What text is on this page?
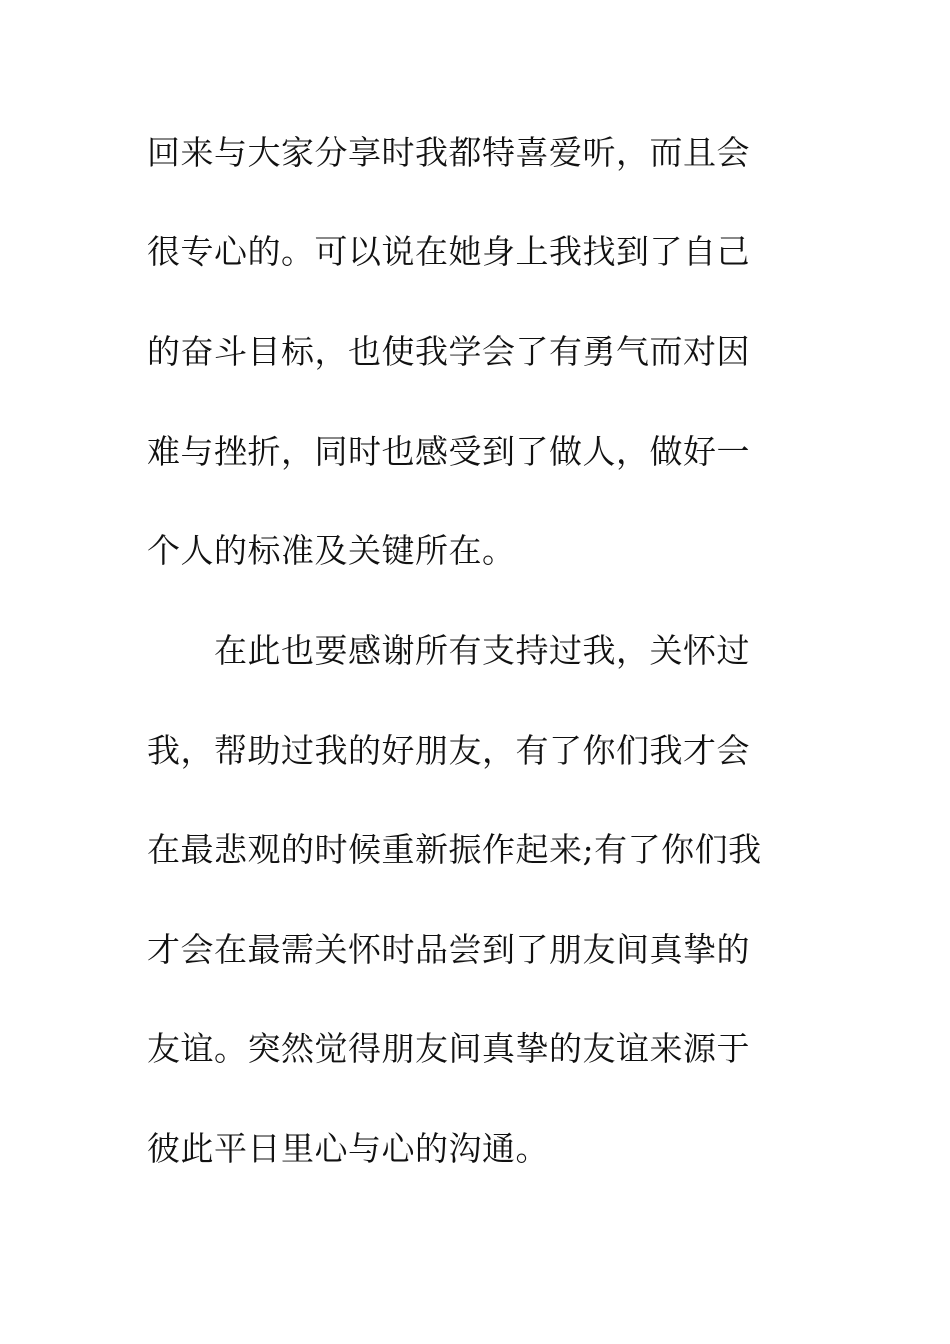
回来与大家分享时我都特喜爱听，而且会
很专心的。可以说在她身上我找到了自己
的奋斗目标，也使我学会了有勇气而对因
难与挫折，同时也感受到了做人，做好一
个人的标准及关键所在。
在此也要感谢所有支持过我，关怀过
我，帮助过我的好朋友，有了你们我才会
在最悲观的时候重新振作起来;有了你们我
才会在最需关怀时品尝到了朋友间真挚的
友谊。突然觉得朋友间真挚的友谊来源于
彼此平日里心与心的沟通。
